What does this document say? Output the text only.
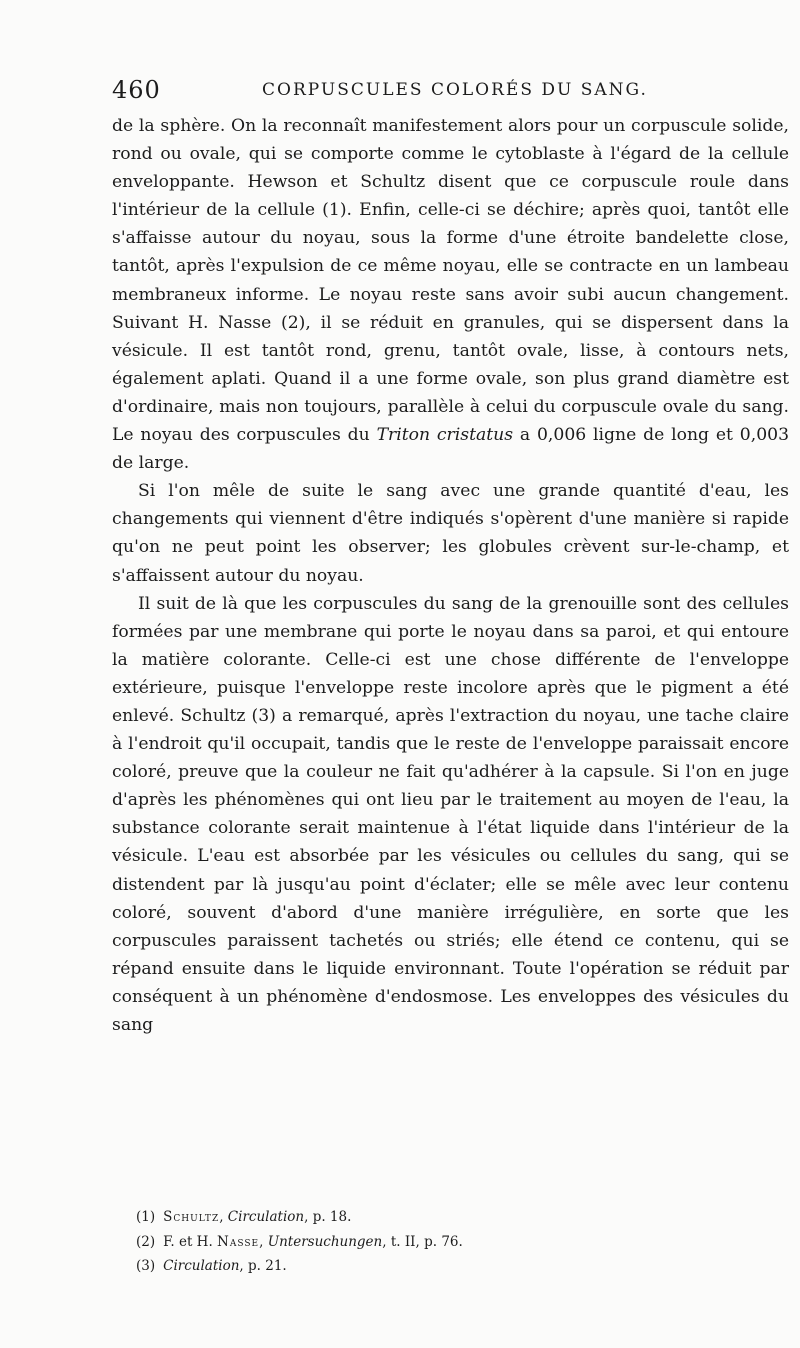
460	CORPUSCULES COLORÉS DU SANG.

de la sphère. On la reconnaît manifestement alors pour un corpuscule solide, rond ou ovale, qui se comporte comme le cytoblaste à l'égard de la cellule enveloppante. Hewson et Schultz disent que ce corpuscule roule dans l'intérieur de la cellule (1). Enfin, celle-ci se déchire; après quoi, tantôt elle s'affaisse autour du noyau, sous la forme d'une étroite bandelette close, tantôt, après l'expulsion de ce même noyau, elle se contracte en un lambeau membraneux informe. Le noyau reste sans avoir subi aucun changement. Suivant H. Nasse (2), il se réduit en granules, qui se dispersent dans la vésicule. Il est tantôt rond, grenu, tantôt ovale, lisse, à contours nets, également aplati. Quand il a une forme ovale, son plus grand diamètre est d'ordinaire, mais non toujours, parallèle à celui du corpuscule ovale du sang. Le noyau des corpuscules du Triton cristatus a 0,006 ligne de long et 0,003 de large.

Si l'on mêle de suite le sang avec une grande quantité d'eau, les changements qui viennent d'être indiqués s'opèrent d'une manière si rapide qu'on ne peut point les observer; les globules crèvent sur-le-champ, et s'affaissent autour du noyau.

Il suit de là que les corpuscules du sang de la grenouille sont des cellules formées par une membrane qui porte le noyau dans sa paroi, et qui entoure la matière colorante. Celle-ci est une chose différente de l'enveloppe extérieure, puisque l'enveloppe reste incolore après que le pigment a été enlevé. Schultz (3) a remarqué, après l'extraction du noyau, une tache claire à l'endroit qu'il occupait, tandis que le reste de l'enveloppe paraissait encore coloré, preuve que la couleur ne fait qu'adhérer à la capsule. Si l'on en juge d'après les phénomènes qui ont lieu par le traitement au moyen de l'eau, la substance colorante serait maintenue à l'état liquide dans l'intérieur de la vésicule. L'eau est absorbée par les vésicules ou cellules du sang, qui se distendent par là jusqu'au point d'éclater; elle se mêle avec leur contenu coloré, souvent d'abord d'une manière irrégulière, en sorte que les corpuscules paraissent tachetés ou striés; elle étend ce contenu, qui se répand ensuite dans le liquide environnant. Toute l'opération se réduit par conséquent à un phénomène d'endosmose. Les enveloppes des vésicules du sang

(1) Schultz, Circulation, p. 18.
(2) F. et H. Nasse, Untersuchungen, t. II, p. 76.
(3) Circulation, p. 21.
